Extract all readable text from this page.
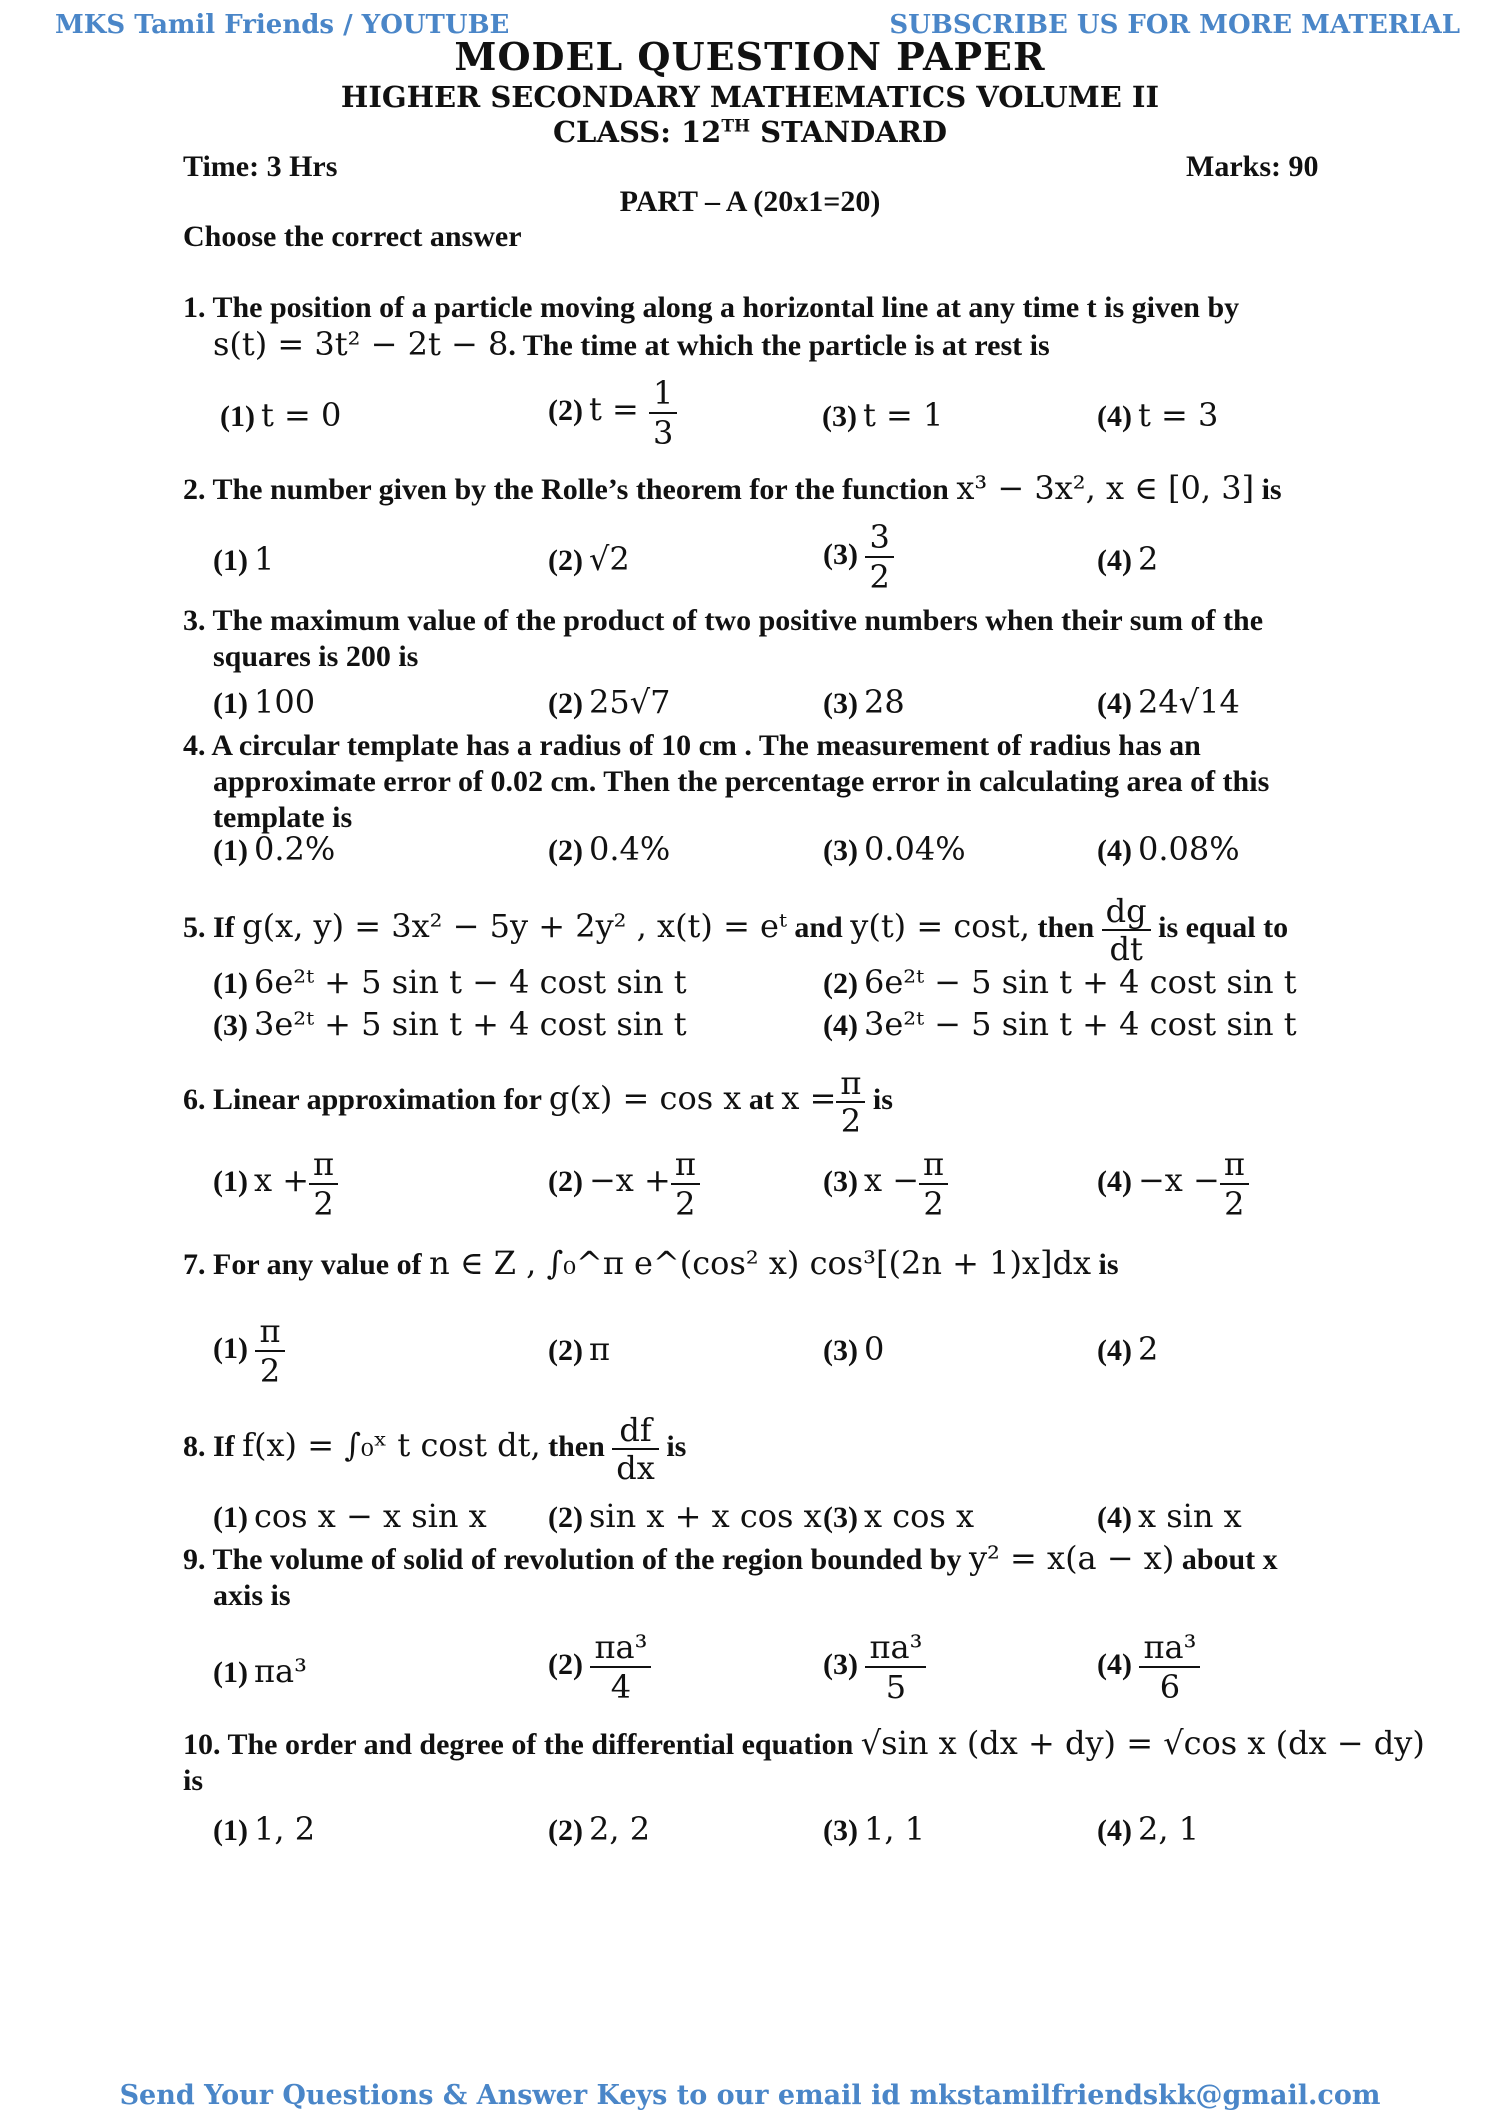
MKS Tamil Friends / YOUTUBE	SUBSCRIBE US FOR MORE MATERIAL
MODEL QUESTION PAPER
HIGHER SECONDARY MATHEMATICS VOLUME II
CLASS: 12TH STANDARD
Time: 3 Hrs	Marks: 90
PART – A (20x1=20)
Choose the correct answer
1. The position of a particle moving along a horizontal line at any time t is given by
s(t) = 3t² − 2t − 8. The time at which the particle is at rest is
(1) t = 0	(2) $t = \frac{1}{3}$	(3) t = 1	(4) t = 3
2. The number given by the Rolle’s theorem for the function x³ − 3x², x ∈ [0, 3] is
(1) 1	(2) √2	$(3) \frac{3}{2}$	(4) 2
3. The maximum value of the product of two positive numbers when their sum of the
squares is 200 is
(1) 100	(2) 25√7	(3) 28	(4) 24√14
4. A circular template has a radius of 10 cm . The measurement of radius has an
approximate error of 0.02 cm. Then the percentage error in calculating area of this
template is
(1) 0.2%	(2) 0.4%	(3) 0.04%	(4) 0.08%
5. If g(x, y) = 3x² − 5y + 2y² , x(t) = eᵗ and y(t) = cost, then $\frac{dg}{dt}$ is equal to
(1) 6e²ᵗ + 5 sin t − 4 cost sin t	(2) 6e²ᵗ − 5 sin t + 4 cost sin t
(3) 3e²ᵗ + 5 sin t + 4 cost sin t	(4) 3e²ᵗ − 5 sin t + 4 cost sin t
6. Linear approximation for g(x) = cos x at $x = \frac{\pi}{2}$ is
(1) $x + \frac{\pi}{2}$	$(2) -x + \frac{\pi}{2}$	(3) $x - \frac{\pi}{2}$	$(4) -x - \frac{\pi}{2}$
7. For any value of n ∈ Z , ∫₀^π e^(cos² x) cos³[(2n + 1)x]dx is
$(1) \frac{\pi}{2}$	(2) π	(3) 0	(4) 2
8. If f(x) = ∫₀ˣ t cost dt, then $\frac{df}{dx}$ is
(1) cos x − x sin x (2) sin x + x cos x (3) x cos x	(4) x sin x
9. The volume of solid of revolution of the region bounded by y² = x(a − x) about x
axis is
(1) πa³	$(2) \frac{\text{πa³}}{4}$	$(3) \frac{\text{πa³}}{5}$	$(4) \frac{\text{πa³}}{6}$
10. The order and degree of the differential equation √sin x (dx + dy) = √cos x (dx − dy) is
(1) 1, 2	(2) 2, 2	(3) 1, 1	(4) 2, 1
Send Your Questions & Answer Keys to our email id mkstamilfriendskk@gmail.com
